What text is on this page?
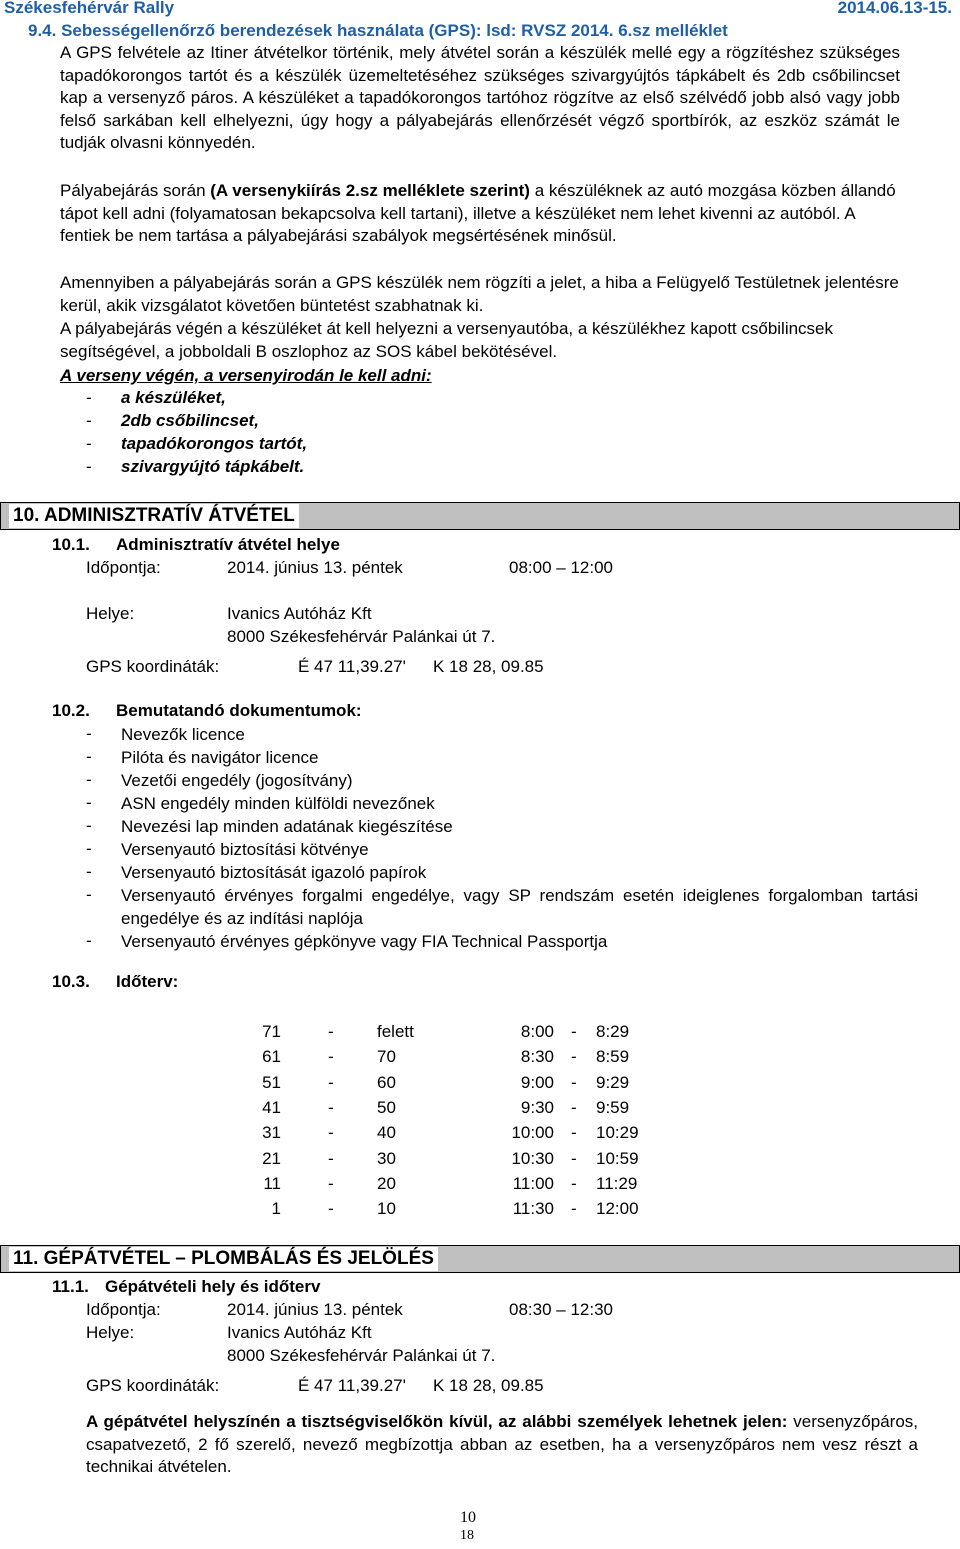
Székesfehérvár Rally	2014.06.13-15.
9.4. Sebességellenőrző berendezések használata (GPS): lsd: RVSZ 2014. 6.sz melléklet
A GPS felvétele az Itiner átvételkor történik, mely átvétel során a készülék mellé egy a rögzítéshez szükséges tapadókorongos tartót és a készülék üzemeltetéséhez szükséges szivargyújtós tápkábelt és 2db csőbilincset kap a versenyző páros. A készüléket a tapadókorongos tartóhoz rögzítve az első szélvédő jobb alsó vagy jobb felső sarkában kell elhelyezni, úgy hogy a pályabejárás ellenőrzését végző sportbírók, az eszköz számát le tudják olvasni könnyedén.
Pályabejárás során (A versenykiírás 2.sz melléklete szerint) a készüléknek az autó mozgása közben állandó tápot kell adni (folyamatosan bekapcsolva kell tartani), illetve a készüléket nem lehet kivenni az autóból. A fentiek be nem tartása a pályabejárási szabályok megsértésének minősül.
Amennyiben a pályabejárás során a GPS készülék nem rögzíti a jelet, a hiba a Felügyelő Testületnek jelentésre kerül, akik vizsgálatot követően büntetést szabhatnak ki.
A pályabejárás végén a készüléket át kell helyezni a versenyautóba, a készülékhez kapott csőbilincsek segítségével, a jobboldali B oszlophoz az SOS kábel bekötésével.
A verseny végén, a versenyirodán le kell adni:
- a készüléket,
- 2db csőbilincset,
- tapadókorongos tartót,
- szivargyújtó tápkábelt.
10. ADMINISZTRATÍV ÁTVÉTEL
10.1. Adminisztratív átvétel helye
Időpontja:	2014. június 13. péntek	08:00 – 12:00
Helye:	Ivanics Autóház Kft
8000 Székesfehérvár Palánkai út 7.
GPS koordináták:	É 47 11,39.27' K 18 28, 09.85
10.2. Bemutatandó dokumentumok:
- Nevezők licence
- Pilóta és navigátor licence
- Vezetői engedély (jogosítvány)
- ASN engedély minden külföldi nevezőnek
- Nevezési lap minden adatának kiegészítése
- Versenyautó biztosítási kötvénye
- Versenyautó biztosítását igazoló papírok
- Versenyautó érvényes forgalmi engedélye, vagy SP rendszám esetén ideiglenes forgalomban tartási engedélye és az indítási naplója
- Versenyautó érvényes gépkönyve vagy FIA Technical Passportja
10.3. Időterv:
71	-	felett	8:00 - 8:29
61	-	70	8:30 - 8:59
51	-	60	9:00 - 9:29
41	-	50	9:30 - 9:59
31	-	40	10:00 - 10:29
21	-	30	10:30 - 10:59
11	-	20	11:00 - 11:29
1	-	10	11:30 - 12:00
11. GÉPÁTVÉTEL – PLOMBÁLÁS ÉS JELÖLÉS
11.1. Gépátvételi hely és időterv
Időpontja:	2014. június 13. péntek	08:30 – 12:30
Helye:	Ivanics Autóház Kft
8000 Székesfehérvár Palánkai út 7.
GPS koordináták:	É 47 11,39.27' K 18 28, 09.85
A gépátvétel helyszínén a tisztségviselőkön kívül, az alábbi személyek lehetnek jelen: versenyzőpáros, csapatvezető, 2 fő szerelő, nevező megbízottja abban az esetben, ha a versenyzőpáros nem vesz részt a technikai átvételen.
10
18
